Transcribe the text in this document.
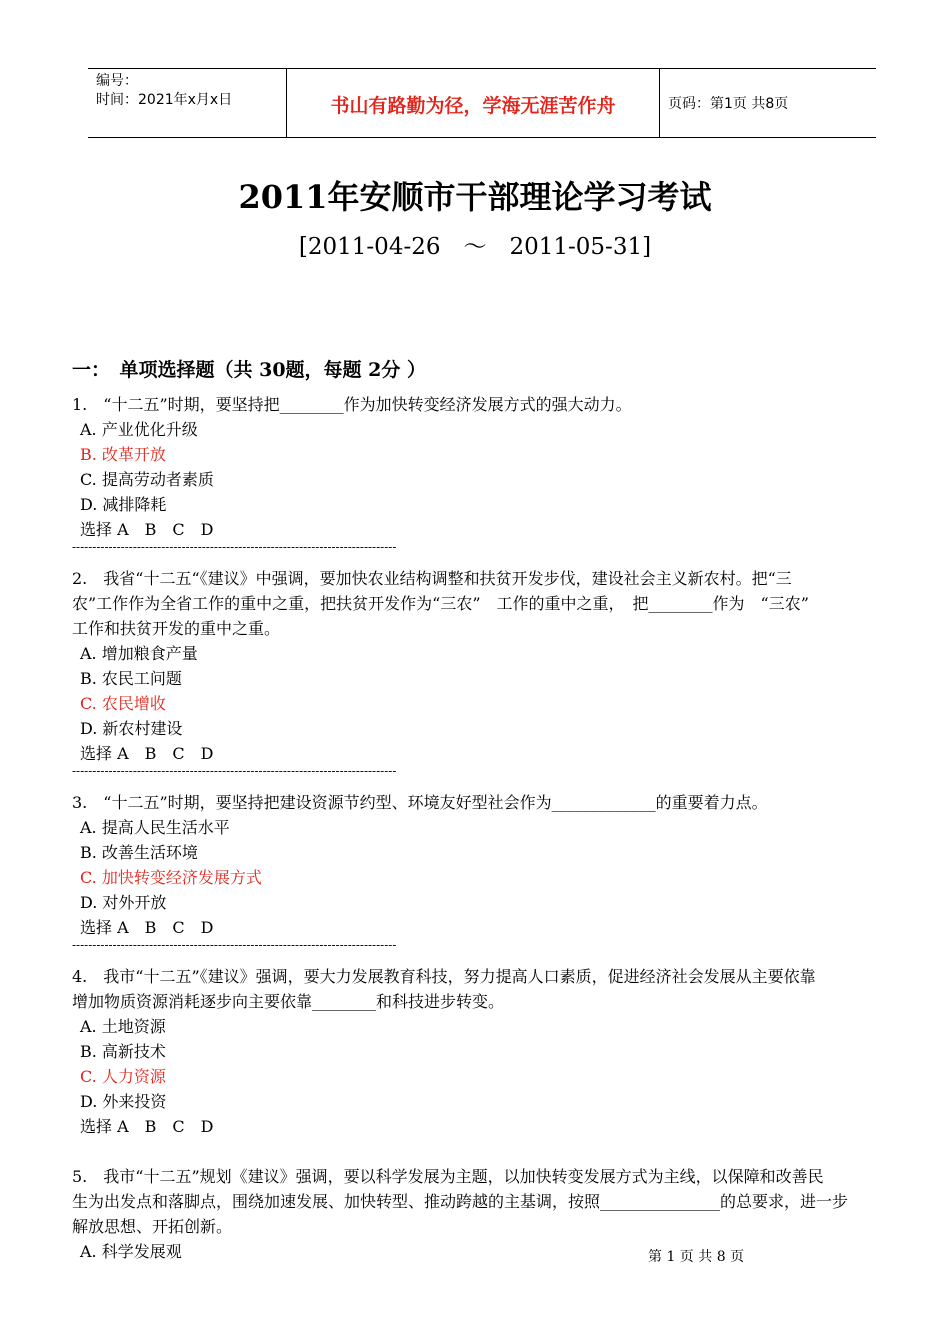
编号：
时间：2021年x月x日	书山有路勤为径，学海无涯苦作舟	页码：第1页 共8页
2011年安顺市干部理论学习考试
[2011-04-26　～　2011-05-31]
一：　单项选择题（共 30题，每题 2分 ）
1.　“十二五”时期，要坚持把________作为加快转变经济发展方式的强大动力。
A. 产业优化升级
B. 改革开放
C. 提高劳动者素质
D. 减排降耗
选择 A　B　C　D
--------------------------------------------------------------------------------
2.　我省“十二五“《建议》中强调，要加快农业结构调整和扶贫开发步伐，建设社会主义新农村。把“三
农”工作作为全省工作的重中之重，把扶贫开发作为“三农”　工作的重中之重，　把________作为　“三农”
工作和扶贫开发的重中之重。
A. 增加粮食产量
B. 农民工问题
C. 农民增收
D. 新农村建设
选择 A　B　C　D
--------------------------------------------------------------------------------
3.　“十二五”时期，要坚持把建设资源节约型、环境友好型社会作为_____________的重要着力点。
A. 提高人民生活水平
B. 改善生活环境
C. 加快转变经济发展方式
D. 对外开放
选择 A　B　C　D
--------------------------------------------------------------------------------
4.　我市“十二五”《建议》强调，要大力发展教育科技，努力提高人口素质，促进经济社会发展从主要依靠
增加物质资源消耗逐步向主要依靠________和科技进步转变。
A. 土地资源
B. 高新技术
C. 人力资源
D. 外来投资
选择 A　B　C　D
5.　我市“十二五”规划《建议》强调，要以科学发展为主题，以加快转变发展方式为主线，以保障和改善民
生为出发点和落脚点，围绕加速发展、加快转型、推动跨越的主基调，按照_______________的总要求，进一步
解放思想、开拓创新。
A. 科学发展观	第 1 页 共 8 页
